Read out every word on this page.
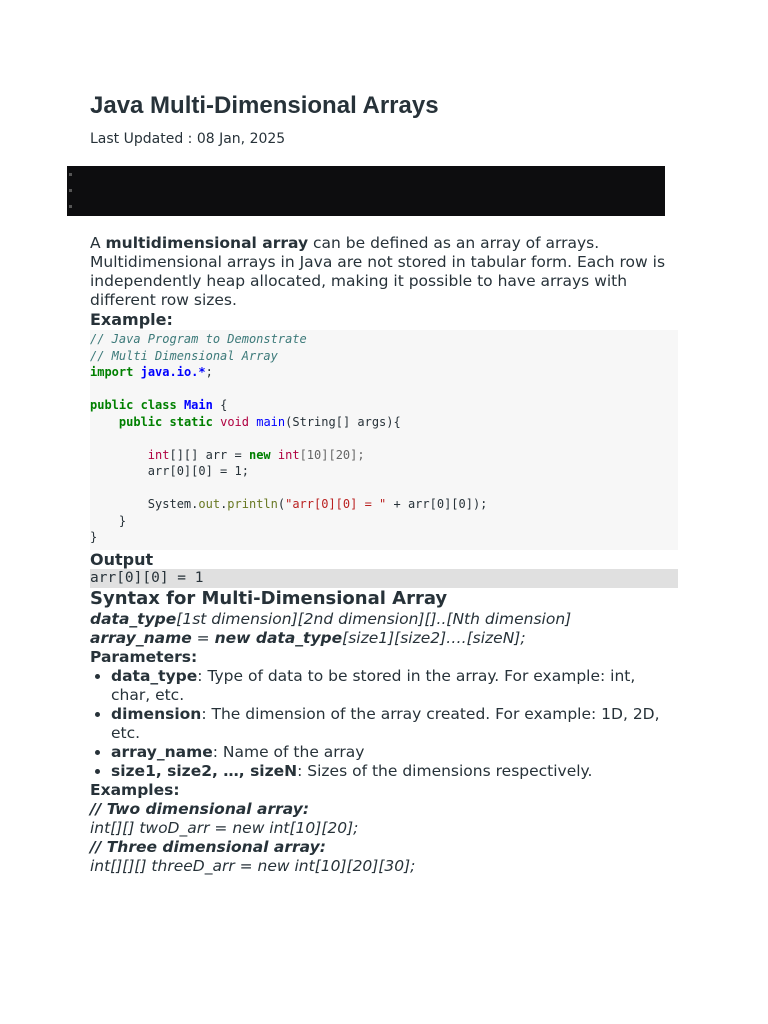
Java Multi-Dimensional Arrays
Last Updated : 08 Jan, 2025

A multidimensional array can be defined as an array of arrays. Multidimensional arrays in Java are not stored in tabular form. Each row is independently heap allocated, making it possible to have arrays with different row sizes.

Example:

// Java Program to Demonstrate
// Multi Dimensional Array
import java.io.*;

public class Main {
public static void main(String[] args){

int[][] arr = new int[10][20];
arr[0][0] = 1;

System.out.println("arr[0][0] = " + arr[0][0]);
}
}

Output

arr[0][0] = 1

Syntax for Multi-Dimensional Array

data_type[1st dimension][2nd dimension][]..[Nth dimension]

array_name = new data_type[size1][size2]….[sizeN];

Parameters:

• data_type: Type of data to be stored in the array. For example: int, char, etc.
• dimension: The dimension of the array created. For example: 1D, 2D, etc.
• array_name: Name of the array
• size1, size2, …, sizeN: Sizes of the dimensions respectively.

Examples:

// Two dimensional array:

int[][] twoD_arr = new int[10][20];

// Three dimensional array:

int[][][] threeD_arr = new int[10][20][30];
